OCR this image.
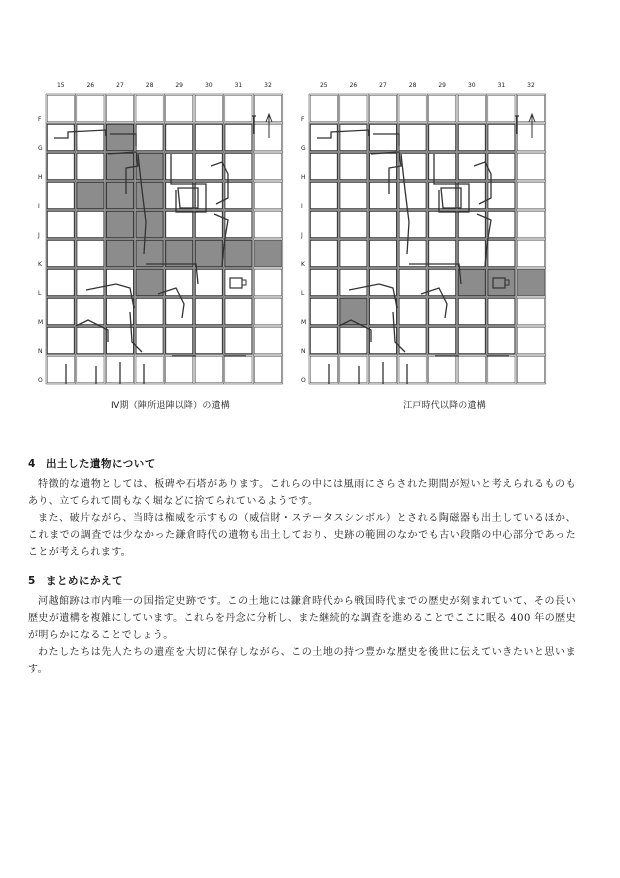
15	26	27	28	29	30	31	32
F
G
H
I
J
K
L
M
N
O
Ⅳ期（陣所退陣以降）の遺構
25	26	27	28	29	30	31	32
F
G
H
I
J
K
L
M
N
O
江戸時代以降の遺構
4 出土した遺物について

特徴的な遺物としては、板碑や石塔があります。これらの中には風雨にさらされた期間が短いと考えられるものもあり、立てられて間もなく堀などに捨てられているようです。

また、破片ながら、当時は権威を示すもの（威信財・ステータスシンボル）とされる陶磁器も出土しているほか、これまでの調査では少なかった鎌倉時代の遺物も出土しており、史跡の範囲のなかでも古い段階の中心部分であったことが考えられます。

5 まとめにかえて

河越館跡は市内唯一の国指定史跡です。この土地には鎌倉時代から戦国時代までの歴史が刻まれていて、その長い歴史が遺構を複雑にしています。これらを丹念に分析し、また継続的な調査を進めることでここに眠る 400 年の歴史が明らかになることでしょう。

わたしたちは先人たちの遺産を大切に保存しながら、この土地の持つ豊かな歴史を後世に伝えていきたいと思います。
